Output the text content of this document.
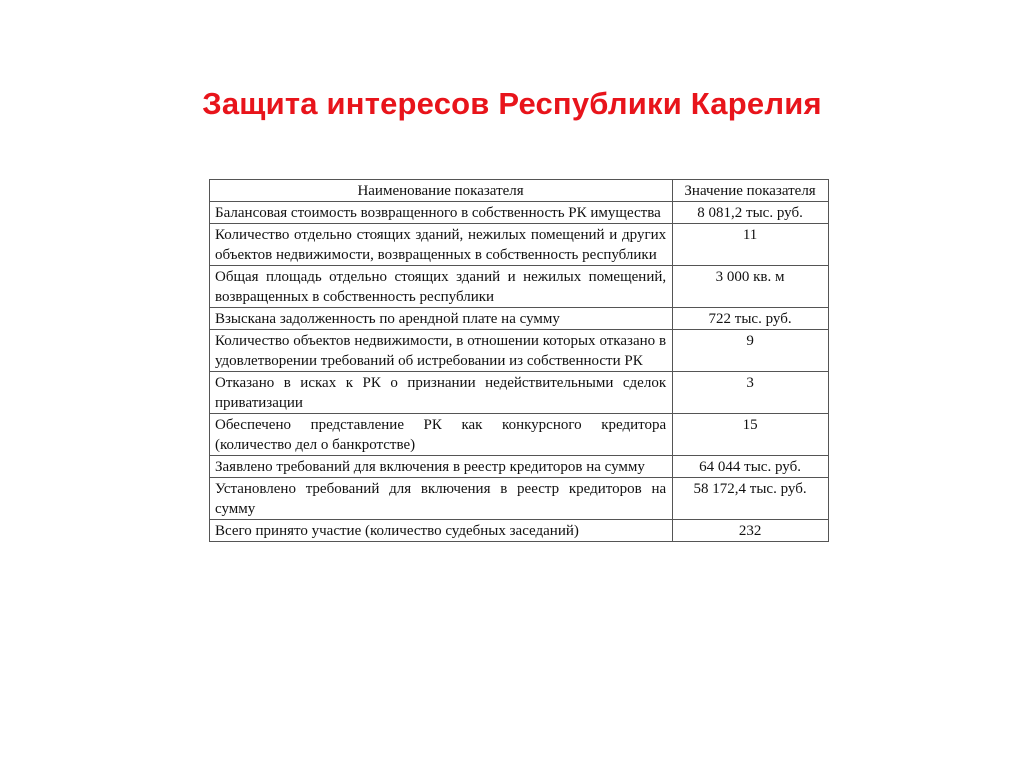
Защита интересов Республики Карелия
Наименование показателя	Значение показателя
Балансовая стоимость возвращенного в собственность РК имущества	8 081,2 тыс. руб.
Количество отдельно стоящих зданий, нежилых помещений и других объектов недвижимости, возвращенных в собственность республики	11
Общая площадь отдельно стоящих зданий и нежилых помещений, возвращенных в собственность республики	3 000 кв. м
Взыскана задолженность по арендной плате на сумму	722 тыс. руб.
Количество объектов недвижимости, в отношении которых отказано в удовлетворении требований об истребовании из собственности РК	9
Отказано в исках к РК о признании недействительными сделок приватизации	3
Обеспечено представление РК как конкурсного кредитора (количество дел о банкротстве)	15
Заявлено требований для включения в реестр кредиторов на сумму	64 044 тыс. руб.
Установлено требований для включения в реестр кредиторов на сумму	58 172,4 тыс. руб.
Всего принято участие (количество судебных заседаний)	232
